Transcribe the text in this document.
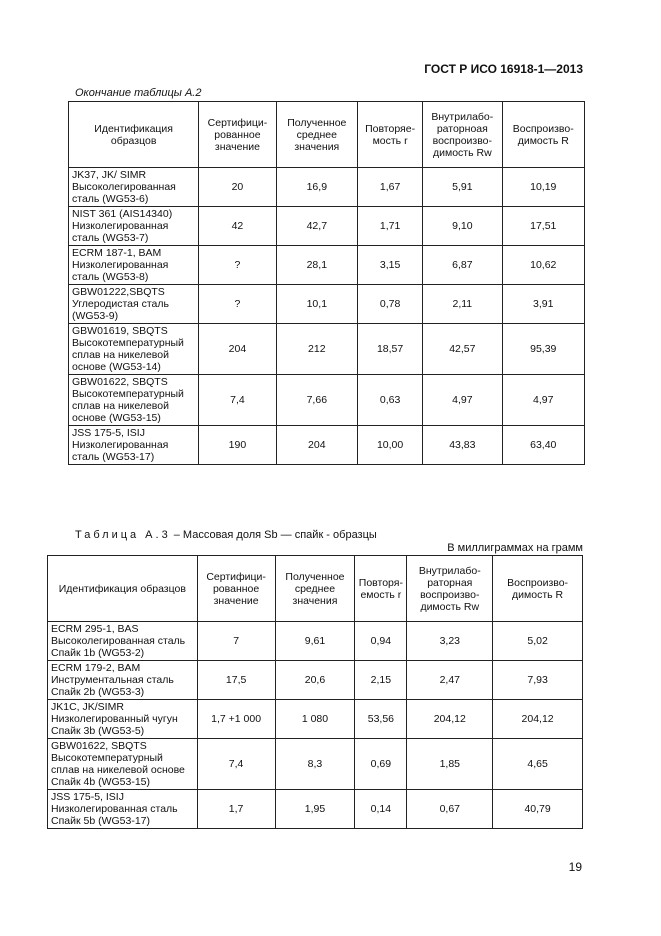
ГОСТ Р ИСО 16918-1—2013
Окончание таблицы А.2
Идентификация образцов	Сертифици-рованное значение	Полученное среднее значения	Повторяе-мость r	Внутрилабо-раторноая воспроизво-димость Rw	Воспроизво-димость R
JK37, JK/ SIMR Высоколегированная сталь (WG53-6)	20	16,9	1,67	5,91	10,19
NIST 361 (AIS14340) Низколегированная сталь (WG53-7)	42	42,7	1,71	9,10	17,51
ECRM 187-1, BAM Низколегированная сталь (WG53-8)	?	28,1	3,15	6,87	10,62
GBW01222,SBQTS Углеродистая сталь (WG53-9)	?	10,1	0,78	2,11	3,91
GBW01619, SBQTS Высокотемпературный сплав на никелевой основе (WG53-14)	204	212	18,57	42,57	95,39
GBW01622, SBQTS Высокотемпературный сплав на никелевой основе (WG53-15)	7,4	7,66	0,63	4,97	4,97
JSS 175-5, ISIJ Низколегированная сталь (WG53-17)	190	204	10,00	43,83	63,40
Таблица А.3 – Массовая доля Sb — спайк - образцы
В миллиграммах на грамм
Идентификация образцов	Сертифици-рованное значение	Полученное среднее значения	Повторя-емость r	Внутрилабо-раторная воспроизво-димость Rw	Воспроизво-димость R
ECRM 295-1, BAS Высоколегированная сталь Спайк 1b (WG53-2)	7	9,61	0,94	3,23	5,02
ECRM 179-2, BAM Инструментальная сталь Спайк 2b (WG53-3)	17,5	20,6	2,15	2,47	7,93
JK1C, JK/SIMR Низколегированный чугун Спайк 3b (WG53-5)	1,7 +1 000	1 080	53,56	204,12	204,12
GBW01622, SBQTS Высокотемпературный сплав на никелевой основе Спайк 4b (WG53-15)	7,4	8,3	0,69	1,85	4,65
JSS 175-5, ISIJ Низколегированная сталь Спайк 5b (WG53-17)	1,7	1,95	0,14	0,67	40,79
19
